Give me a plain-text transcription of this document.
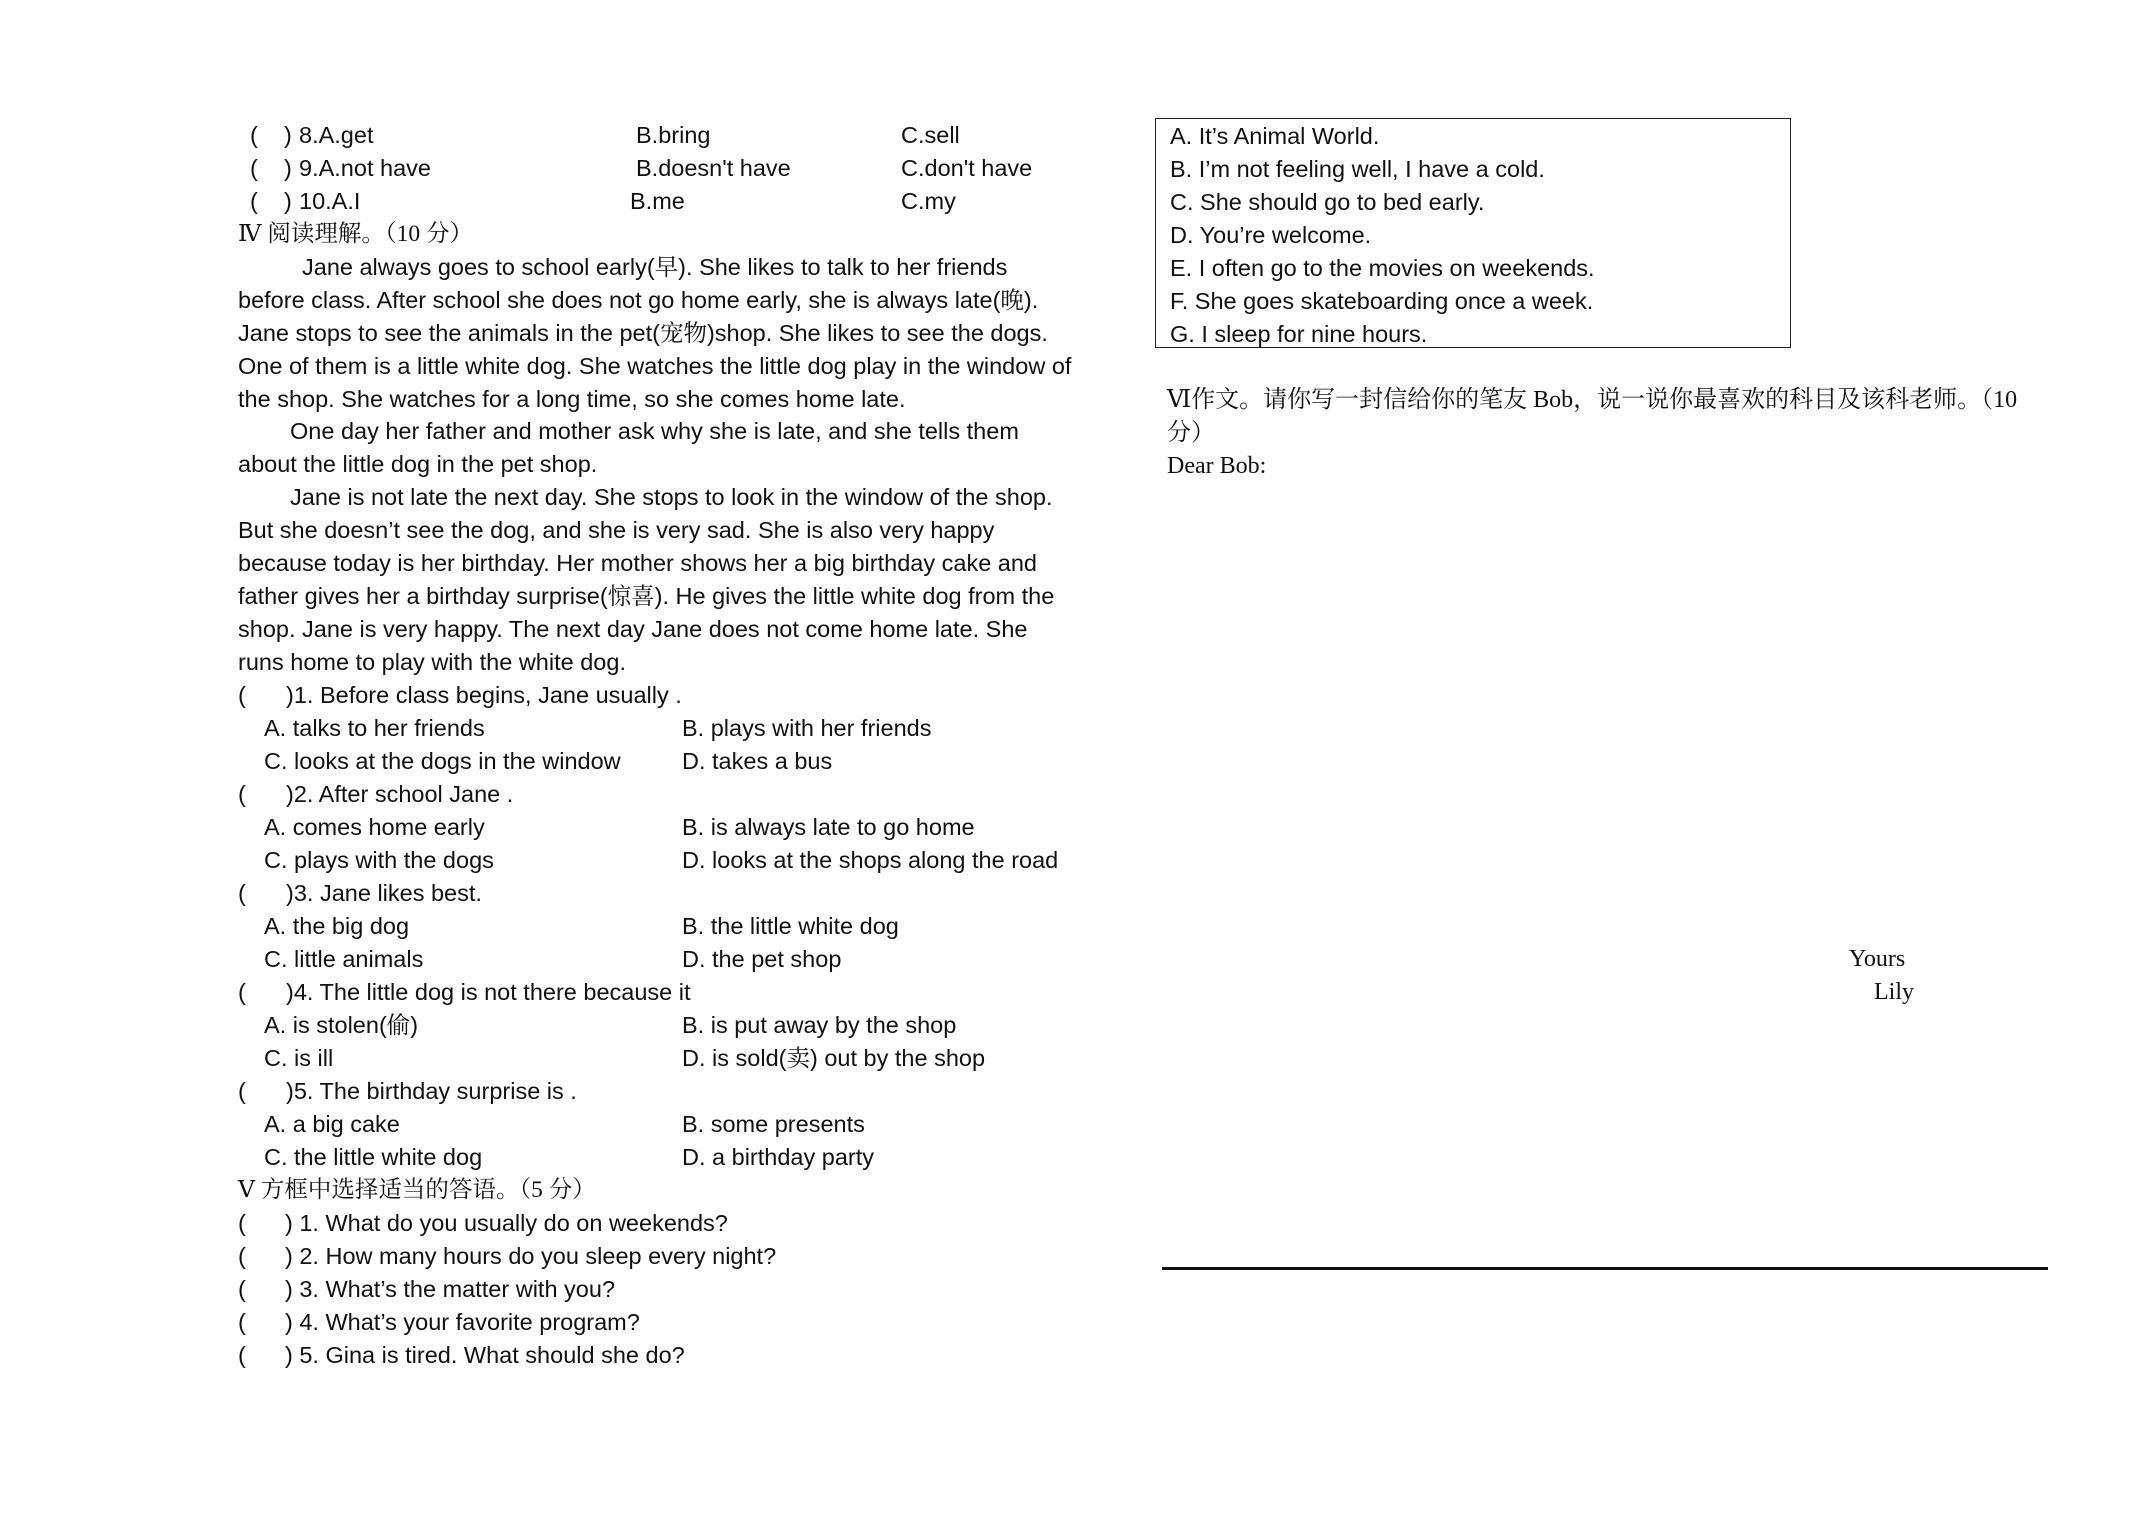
( ) 8.A.get	B.bring	C.sell
( ) 9.A.not have	B.doesn't have	C.don't have
( ) 10.A.I	B.me	C.my
Ⅳ 阅读理解。（10 分）
Jane always goes to school early(早). She likes to talk to her friends
before class. After school she does not go home early, she is always late(晚).
Jane stops to see the animals in the pet(宠物)shop. She likes to see the dogs.
One of them is a little white dog. She watches the little dog play in the window of
the shop. She watches for a long time, so she comes home late.
One day her father and mother ask why she is late, and she tells them
about the little dog in the pet shop.
Jane is not late the next day. She stops to look in the window of the shop.
But she doesn’t see the dog, and she is very sad. She is also very happy
because today is her birthday. Her mother shows her a big birthday cake and
father gives her a birthday surprise(惊喜). He gives the little white dog from the
shop. Jane is very happy. The next day Jane does not come home late. She
runs home to play with the white dog.
( )1. Before class begins, Jane usually .
A. talks to her friends	B. plays with her friends
C. looks at the dogs in the window	D. takes a bus
( )2. After school Jane .
A. comes home early	B. is always late to go home
C. plays with the dogs	D. looks at the shops along the road
( )3. Jane likes best.
A. the big dog	B. the little white dog
C. little animals	D. the pet shop
( )4. The little dog is not there because it
A. is stolen(偷)	B. is put away by the shop
C. is ill	D. is sold(卖) out by the shop
( )5. The birthday surprise is .
A. a big cake	B. some presents
C. the little white dog	D. a birthday party
Ⅴ 方框中选择适当的答语。（5 分）
( ) 1. What do you usually do on weekends?
( ) 2. How many hours do you sleep every night?
( ) 3. What’s the matter with you?
( ) 4. What’s your favorite program?
( ) 5. Gina is tired. What should she do?
A. It’s Animal World.
B. I’m not feeling well, I have a cold.
C. She should go to bed early.
D. You’re welcome.
E. I often go to the movies on weekends.
F. She goes skateboarding once a week.
G. I sleep for nine hours.
Ⅵ作文。请你写一封信给你的笔友 Bob，说一说你最喜欢的科目及该科老师。（10
分）
Dear Bob:
Yours
Lily
